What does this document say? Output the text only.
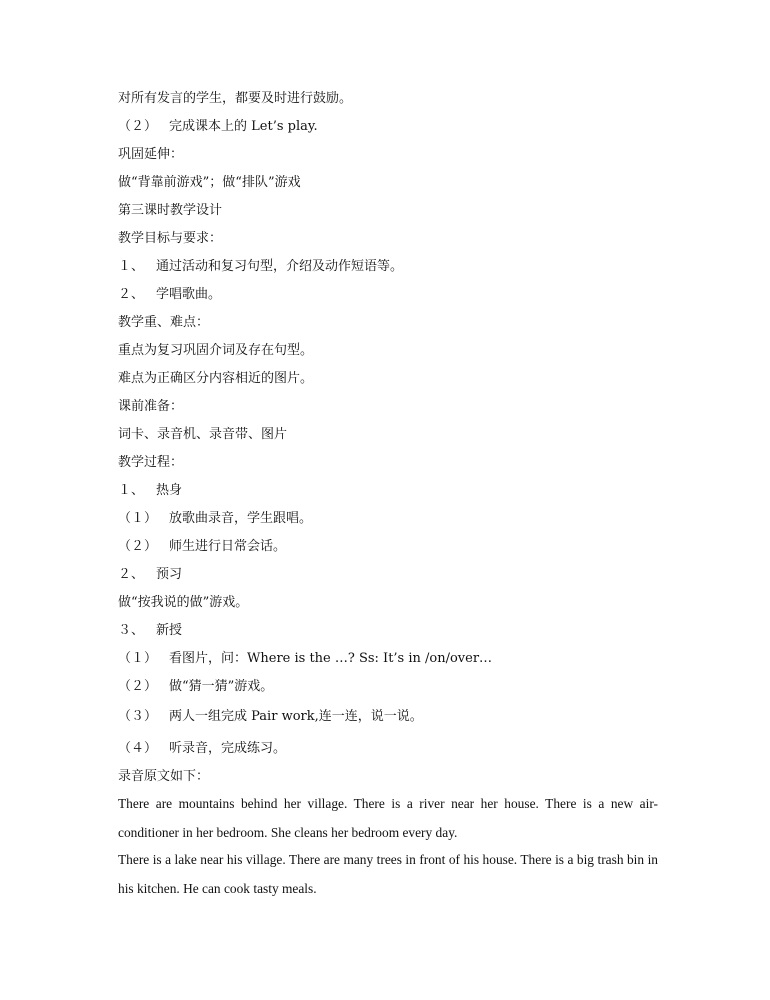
对所有发言的学生，都要及时进行鼓励。
（２） 完成课本上的 Let’s play.
巩固延伸：
做“背靠前游戏”；做“排队”游戏
第三课时教学设计
教学目标与要求：
１、 通过活动和复习句型，介绍及动作短语等。
２、 学唱歌曲。
教学重、难点：
重点为复习巩固介词及存在句型。
难点为正确区分内容相近的图片。
课前准备：
词卡、录音机、录音带、图片
教学过程：
１、 热身
（１） 放歌曲录音，学生跟唱。
（２） 师生进行日常会话。
２、 预习
做“按我说的做”游戏。
３、 新授
（１） 看图片，问：Where is the …? Ss: It’s in /on/over…
（２） 做“猜一猜”游戏。
（３） 两人一组完成 Pair work,连一连，说一说。
（４） 听录音，完成练习。
录音原文如下：
There are mountains behind her village. There is a river near her house. There is a new air-conditioner in her bedroom. She cleans her bedroom every day.
There is a lake near his village. There are many trees in front of his house. There is a big trash bin in his kitchen. He can cook tasty meals.
